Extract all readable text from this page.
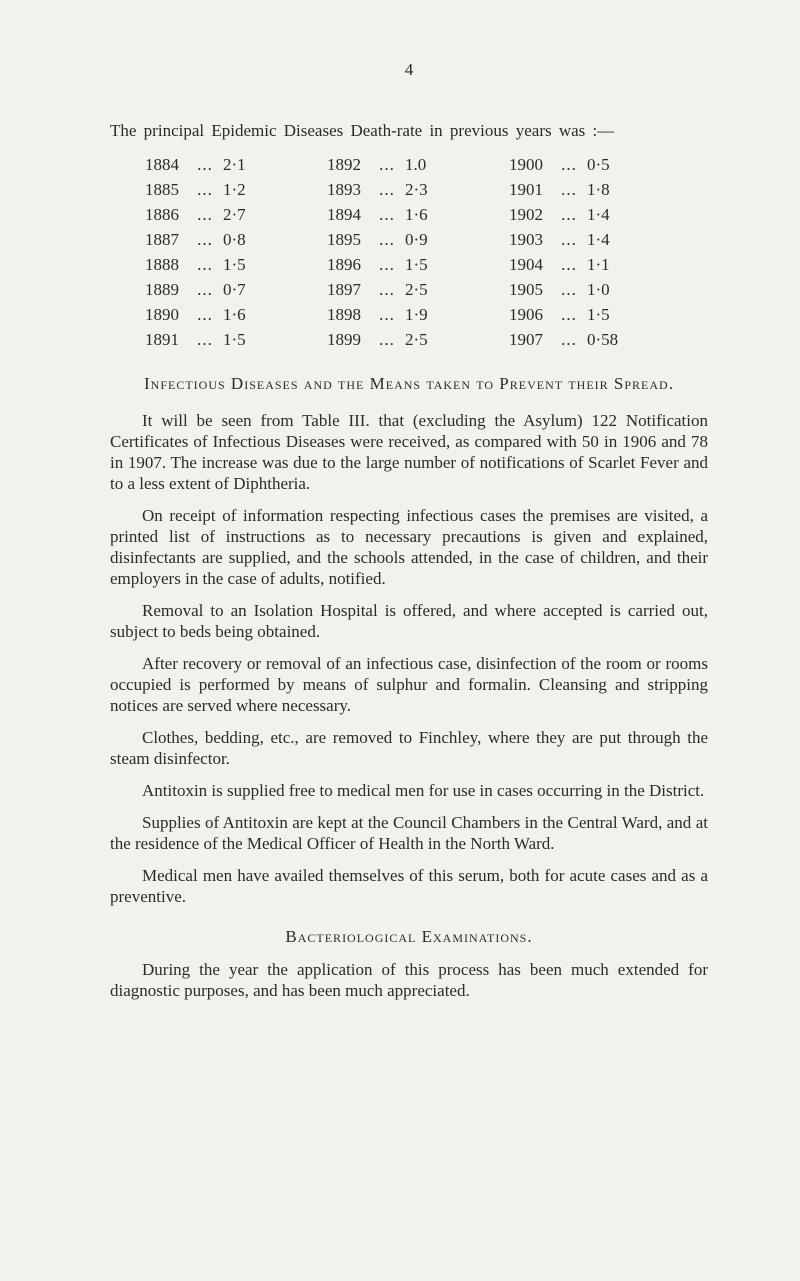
4

The principal Epidemic Diseases Death-rate in previous years was :—

1884	...	2·1	1892	...	1.0	1900	...	0·5
1885	...	1·2	1893	...	2·3	1901	...	1·8
1886	...	2·7	1894	...	1·6	1902	...	1·4
1887	...	0·8	1895	...	0·9	1903	...	1·4
1888	...	1·5	1896	...	1·5	1904	...	1·1
1889	...	0·7	1897	...	2·5	1905	...	1·0
1890	...	1·6	1898	...	1·9	1906	...	1·5
1891	...	1·5	1899	...	2·5	1907	...	0·58
Infectious Diseases and the Means taken to Prevent their Spread.

It will be seen from Table III. that (excluding the Asylum) 122 Notification Certificates of Infectious Diseases were received, as compared with 50 in 1906 and 78 in 1907. The increase was due to the large number of notifications of Scarlet Fever and to a less extent of Diphtheria.

On receipt of information respecting infectious cases the premises are visited, a printed list of instructions as to necessary precautions is given and explained, disinfectants are supplied, and the schools attended, in the case of children, and their employers in the case of adults, notified.

Removal to an Isolation Hospital is offered, and where accepted is carried out, subject to beds being obtained.

After recovery or removal of an infectious case, disinfection of the room or rooms occupied is performed by means of sulphur and formalin. Cleansing and stripping notices are served where necessary.

Clothes, bedding, etc., are removed to Finchley, where they are put through the steam disinfector.

Antitoxin is supplied free to medical men for use in cases occurring in the District.

Supplies of Antitoxin are kept at the Council Chambers in the Central Ward, and at the residence of the Medical Officer of Health in the North Ward.

Medical men have availed themselves of this serum, both for acute cases and as a preventive.

Bacteriological Examinations.

During the year the application of this process has been much extended for diagnostic purposes, and has been much appreciated.
